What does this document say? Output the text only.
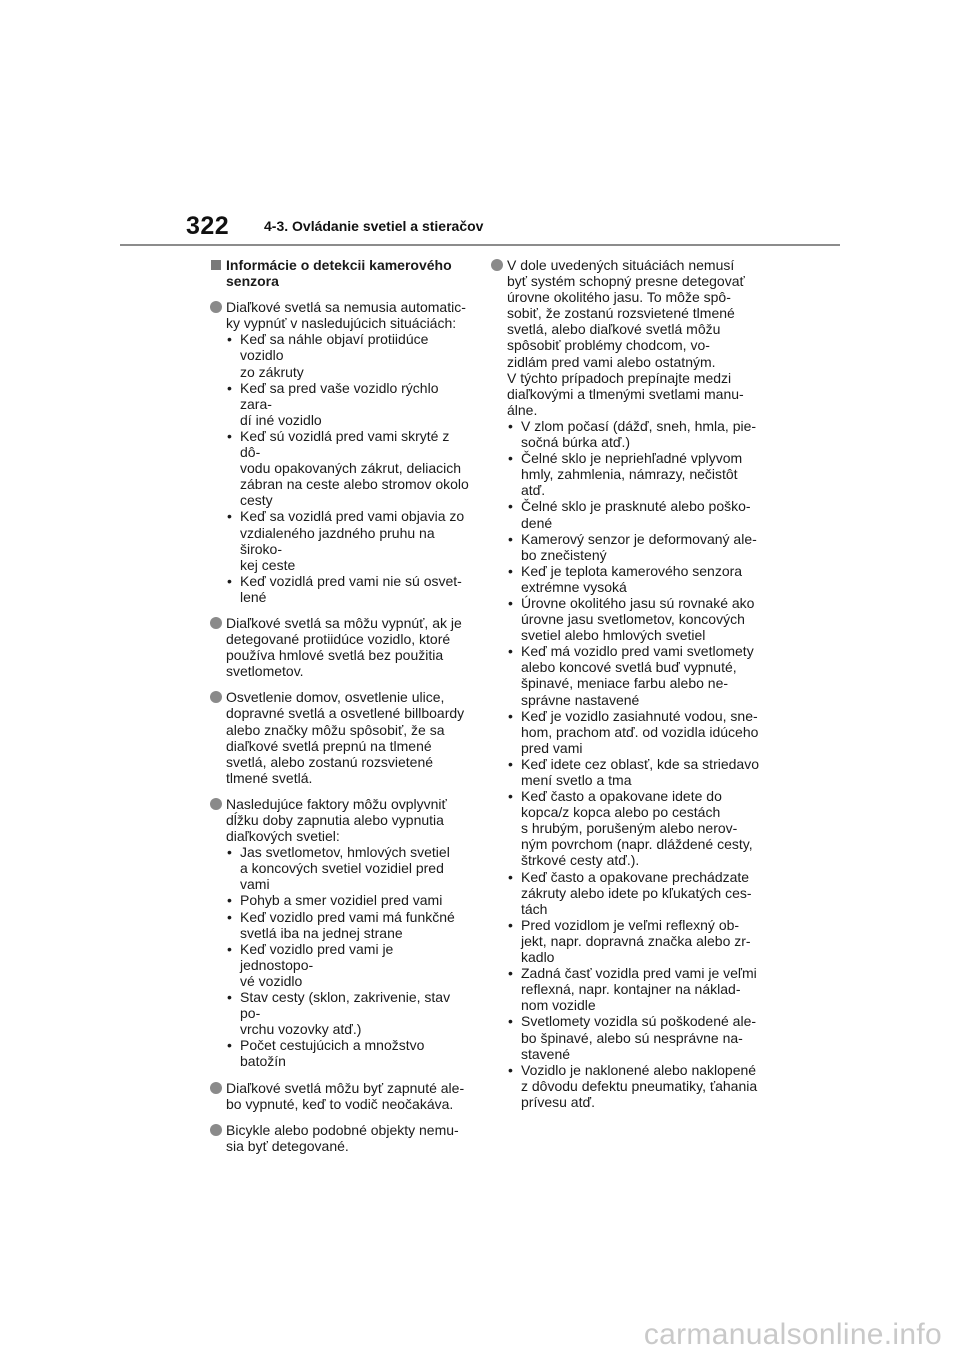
322 4-3. Ovládanie svetiel a stieračov
Informácie o detekcii kamerového senzora
Diaľkové svetlá sa nemusia automatic-
ky vypnúť v nasledujúcich situáciách:
• Keď sa náhle objaví protiidúce vozidlo
zo zákruty
• Keď sa pred vaše vozidlo rýchlo zara-
dí iné vozidlo
• Keď sú vozidlá pred vami skryté z dô-
vodu opakovaných zákrut, deliacich
zábran na ceste alebo stromov okolo
cesty
• Keď sa vozidlá pred vami objavia zo
vzdialeného jazdného pruhu na široko-
kej ceste
• Keď vozidlá pred vami nie sú osvet-
lené
Diaľkové svetlá sa môžu vypnúť, ak je
detegované protiidúce vozidlo, ktoré
používa hmlové svetlá bez použitia
svetlometov.
Osvetlenie domov, osvetlenie ulice,
dopravné svetlá a osvetlené billboardy
alebo značky môžu spôsobiť, že sa
diaľkové svetlá prepnú na tlmené
svetlá, alebo zostanú rozsvietené
tlmené svetlá.
Nasledujúce faktory môžu ovplyvniť
dĺžku doby zapnutia alebo vypnutia
diaľkových svetiel:
• Jas svetlometov, hmlových svetiel
a koncových svetiel vozidiel pred vami
• Pohyb a smer vozidiel pred vami
• Keď vozidlo pred vami má funkčné
svetlá iba na jednej strane
• Keď vozidlo pred vami je jednostopo-
vé vozidlo
• Stav cesty (sklon, zakrivenie, stav po-
vrchu vozovky atď.)
• Počet cestujúcich a množstvo batožín
Diaľkové svetlá môžu byť zapnuté ale-
bo vypnuté, keď to vodič neočakáva.
Bicykle alebo podobné objekty nemu-
sia byť detegované.
V dole uvedených situáciách nemusí
byť systém schopný presne detegovať
úrovne okolitého jasu. To môže spô-
sobiť, že zostanú rozsvietené tlmené
svetlá, alebo diaľkové svetlá môžu
spôsobiť problémy chodcom, vo-
zidlám pred vami alebo ostatným.
V týchto prípadoch prepínajte medzi
diaľkovými a tlmenými svetlami manu-
álne.
• V zlom počasí (dážď, sneh, hmla, pie-
sočná búrka atď.)
• Čelné sklo je nepriehľadné vplyvom
hmly, zahmlenia, námrazy, nečistôt
atď.
• Čelné sklo je prasknuté alebo poško-
dené
• Kamerový senzor je deformovaný ale-
bo znečistený
• Keď je teplota kamerového senzora
extrémne vysoká
• Úrovne okolitého jasu sú rovnaké ako
úrovne jasu svetlometov, koncových
svetiel alebo hmlových svetiel
• Keď má vozidlo pred vami svetlomety
alebo koncové svetlá buď vypnuté,
špinavé, meniace farbu alebo ne-
správne nastavené
• Keď je vozidlo zasiahnuté vodou, sne-
hom, prachom atď. od vozidla idúceho
pred vami
• Keď idete cez oblasť, kde sa striedavo
mení svetlo a tma
• Keď často a opakovane idete do
kopca/z kopca alebo po cestách
s hrubým, porušeným alebo nerov-
ným povrchom (napr. dláždené cesty,
štrkové cesty atď.).
• Keď často a opakovane prechádzate
zákruty alebo idete po kľukatých ces-
tách
• Pred vozidlom je veľmi reflexný ob-
jekt, napr. dopravná značka alebo zr-
kadlo
• Zadná časť vozidla pred vami je veľmi
reflexná, napr. kontajner na náklad-
nom vozidle
• Svetlomety vozidla sú poškodené ale-
bo špinavé, alebo sú nesprávne na-
stavené
• Vozidlo je naklonené alebo naklopené
z dôvodu defektu pneumatiky, ťahania
prívesu atď.
carmanualsonline.info
